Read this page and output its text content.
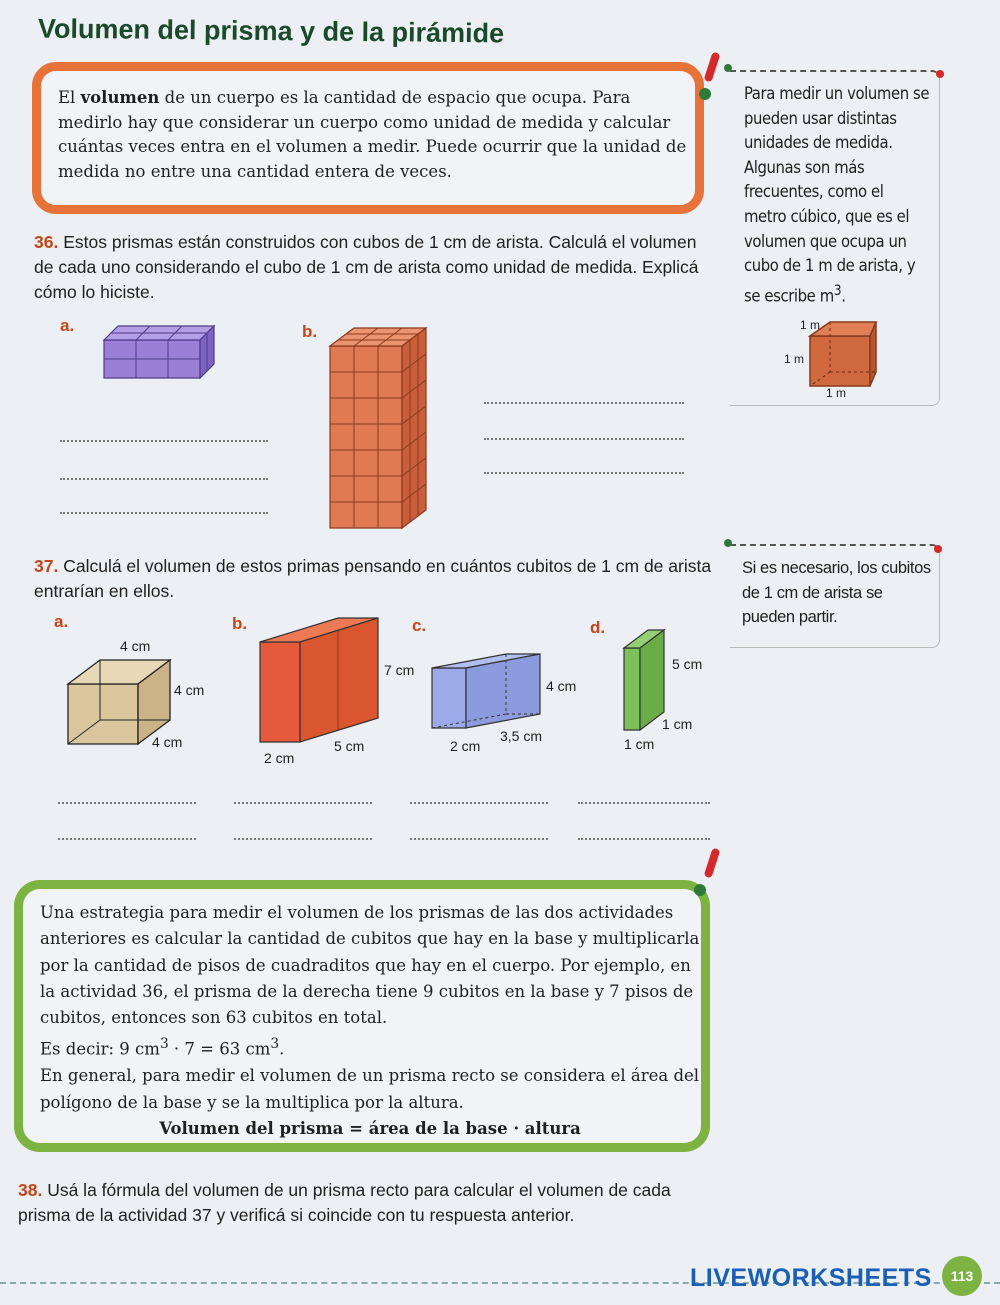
Volumen del prisma y de la pirámide
El volumen de un cuerpo es la cantidad de espacio que ocupa. Para medirlo hay que considerar un cuerpo como unidad de medida y calcular cuántas veces entra en el volumen a medir. Puede ocurrir que la unidad de medida no entre una cantidad entera de veces.
Para medir un volumen se pueden usar distintas unidades de medida. Algunas son más frecuentes, como el metro cúbico, que es el volumen que ocupa un cubo de 1 m de arista, y se escribe $m^3$.
1 m
1 m
1 m
36. Estos prismas están construidos con cubos de 1 cm de arista. Calculá el volumen de cada uno considerando el cubo de 1 cm de arista como unidad de medida. Explicá cómo lo hiciste.
a.	b.
37. Calculá el volumen de estos primas pensando en cuántos cubitos de 1 cm de arista entrarían en ellos.
Si es necesario, los cubitos de 1 cm de arista se pueden partir.
a.	b.	c.	d.
4 cm
4 cm
4 cm
7 cm
2 cm
5 cm
4 cm
2 cm
3,5 cm
5 cm
1 cm
1 cm
Una estrategia para medir el volumen de los prismas de las dos actividades anteriores es calcular la cantidad de cubitos que hay en la base y multiplicarla por la cantidad de pisos de cuadraditos que hay en el cuerpo. Por ejemplo, en la actividad 36, el prisma de la derecha tiene 9 cubitos en la base y 7 pisos de cubitos, entonces son 63 cubitos en total.
Es decir: 9 $cm^3 \cdot 7 = 63$ $cm^3$.
En general, para medir el volumen de un prisma recto se considera el área del polígono de la base y se la multiplica por la altura.
Volumen del prisma = área de la base · altura
38. Usá la fórmula del volumen de un prisma recto para calcular el volumen de cada prisma de la actividad 37 y verificá si coincide con tu respuesta anterior.
LIVEWORKSHEETS	113
